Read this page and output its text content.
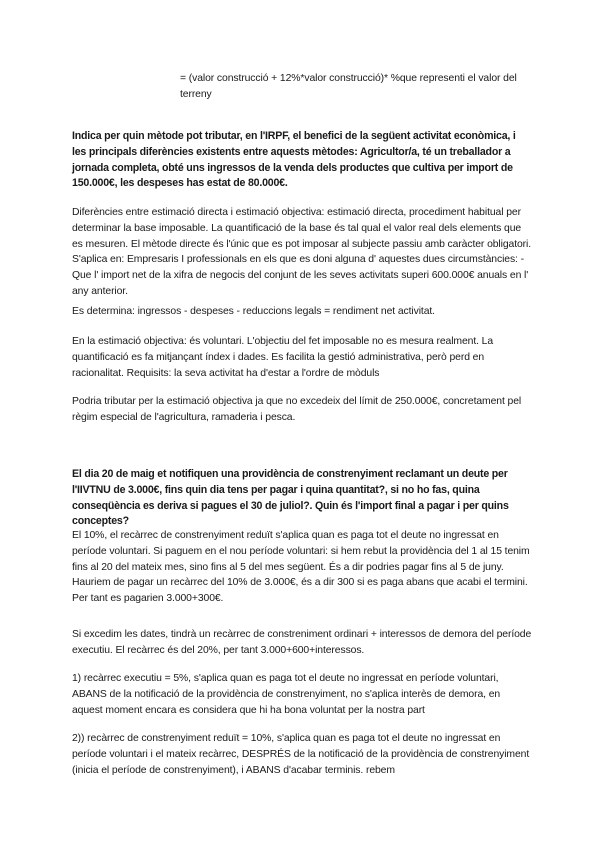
= (valor construcció + 12%*valor construcció)* %que representi el valor del terreny

Indica per quin mètode pot tributar, en l'IRPF, el benefici de la següent activitat econòmica, i les principals diferències existents entre aquests mètodes: Agricultor/a, té un treballador a jornada completa, obté uns ingressos de la venda dels productes que cultiva per import de 150.000€, les despeses has estat de 80.000€.

Diferències entre estimació directa i estimació objectiva: estimació directa, procediment habitual per determinar la base imposable. La quantificació de la base és tal qual el valor real dels elements que es mesuren. El mètode directe és l'únic que es pot imposar al subjecte passiu amb caràcter obligatori. S'aplica en: Empresaris I professionals en els que es doni alguna d' aquestes dues circumstàncies: -Que l' import net de la xifra de negocis del conjunt de les seves activitats superi 600.000€ anuals en l' any anterior.

Es determina: ingressos - despeses - reduccions legals = rendiment net activitat.

En la estimació objectiva: és voluntari. L'objectiu del fet imposable no es mesura realment. La quantificació es fa mitjançant índex i dades. Es facilita la gestió administrativa, però perd en racionalitat. Requisits: la seva activitat ha d'estar a l'ordre de mòduls

Podria tributar per la estimació objectiva ja que no excedeix del límit de 250.000€, concretament pel règim especial de l'agricultura, ramaderia i pesca.

El dia 20 de maig et notifiquen una providència de constrenyiment reclamant un deute per l'IIVTNU de 3.000€, fins quin dia tens per pagar i quina quantitat?, si no ho fas, quina conseqüència es deriva si pagues el 30 de juliol?. Quin és l'import final a pagar i per quins conceptes?

El 10%, el recàrrec de constrenyiment reduït s'aplica quan es paga tot el deute no ingressat en període voluntari. Si paguem en el nou període voluntari: si hem rebut la providència del 1 al 15 tenim fins al 20 del mateix mes, sino fins al 5 del mes següent. És a dir podries pagar fins al 5 de juny. Hauriem de pagar un recàrrec del 10% de 3.000€, és a dir 300 si es paga abans que acabi el termini. Per tant es pagarien 3.000+300€.

Si excedim les dates, tindrà un recàrrec de constreniment ordinari + interessos de demora del període executiu. El recàrrec és del 20%, per tant 3.000+600+interessos.

1) recàrrec executiu = 5%, s'aplica quan es paga tot el deute no ingressat en període voluntari, ABANS de la notificació de la providència de constrenyiment, no s'aplica interès de demora, en aquest moment encara es considera que hi ha bona voluntat per la nostra part

2)) recàrrec de constrenyiment reduït = 10%, s'aplica quan es paga tot el deute no ingressat en període voluntari i el mateix recàrrec, DESPRÉS de la notificació de la providència de constrenyiment (inicia el període de constrenyiment), i ABANS d'acabar terminis. rebem
